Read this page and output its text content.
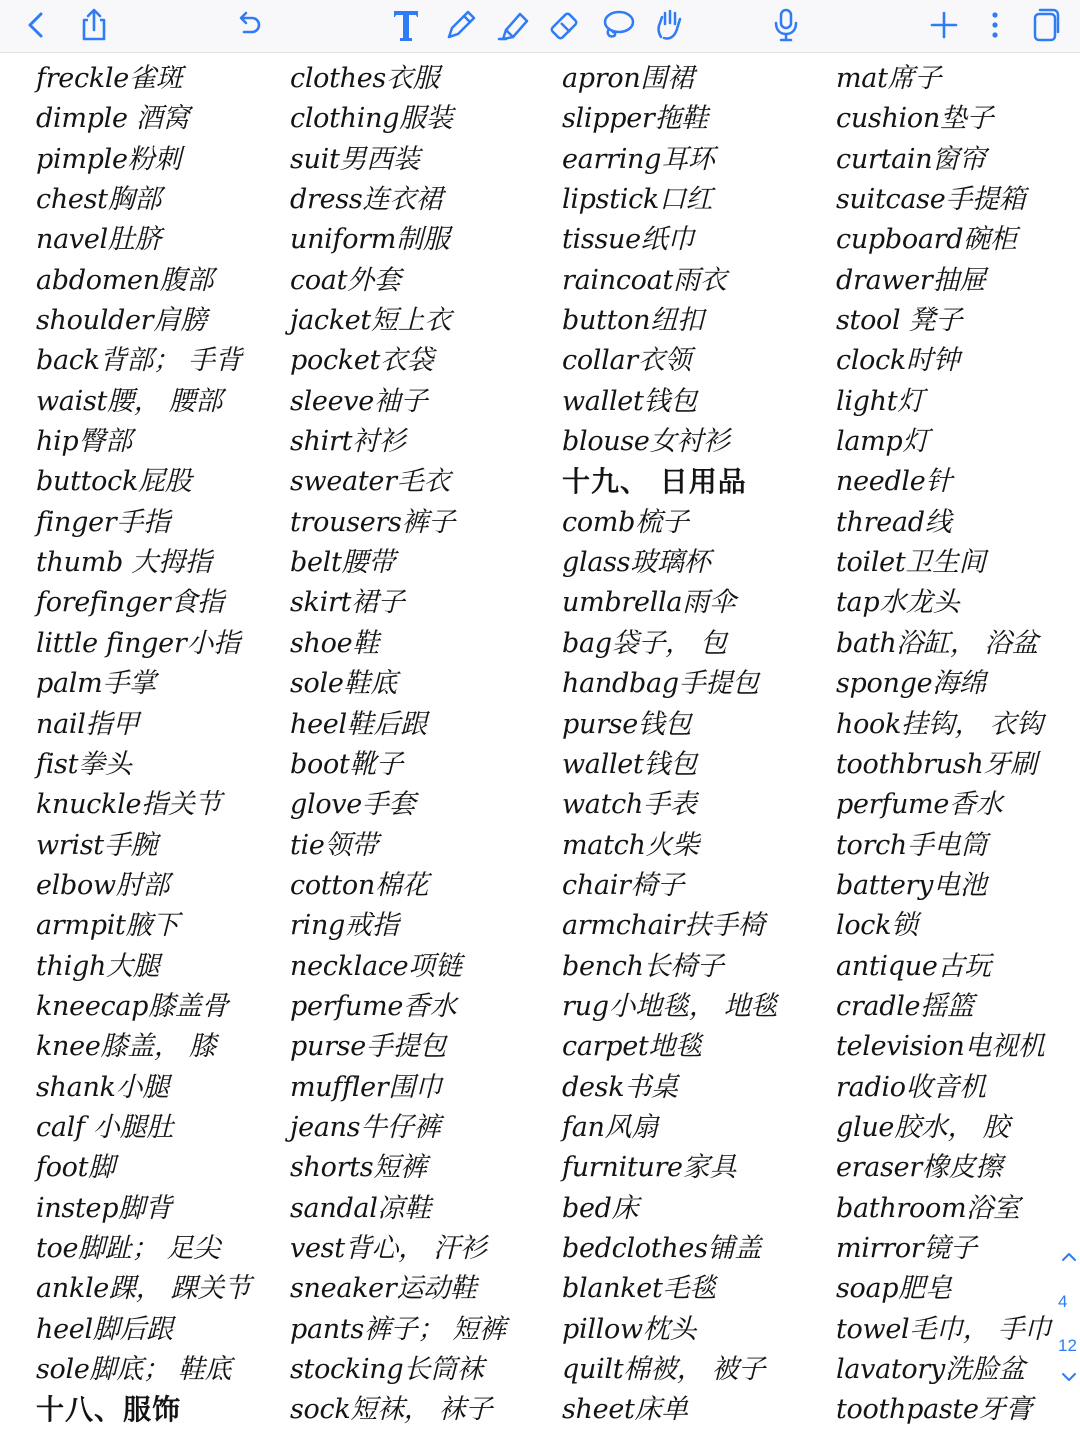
freckle雀斑
dimple 酒窝
pimple粉刺
chest胸部
navel肚脐
abdomen腹部
shoulder肩膀
back背部； 手背
waist腰， 腰部
hip臀部
buttock屁股
finger手指
thumb 大拇指
forefinger食指
little finger小指
palm手掌
nail指甲
fist拳头
knuckle指关节
wrist手腕
elbow肘部
armpit腋下
thigh大腿
kneecap膝盖骨
knee膝盖， 膝
shank小腿
calf 小腿肚
foot脚
instep脚背
toe脚趾； 足尖
ankle踝， 踝关节
heel脚后跟
sole脚底； 鞋底
十八、服饰
clothes衣服
clothing服装
suit男西装
dress连衣裙
uniform制服
coat外套
jacket短上衣
pocket衣袋
sleeve袖子
shirt衬衫
sweater毛衣
trousers裤子
belt腰带
skirt裙子
shoe鞋
sole鞋底
heel鞋后跟
boot靴子
glove手套
tie领带
cotton棉花
ring戒指
necklace项链
perfume香水
purse手提包
muffler围巾
jeans牛仔裤
shorts短裤
sandal凉鞋
vest背心， 汗衫
sneaker运动鞋
pants裤子； 短裤
stocking长筒袜
sock短袜， 袜子
apron围裙
slipper拖鞋
earring耳环
lipstick口红
tissue纸巾
raincoat雨衣
button纽扣
collar衣领
wallet钱包
blouse女衬衫
十九、 日用品
comb梳子
glass玻璃杯
umbrella雨伞
bag袋子， 包
handbag手提包
purse钱包
wallet钱包
watch手表
match火柴
chair椅子
armchair扶手椅
bench长椅子
rug小地毯， 地毯
carpet地毯
desk书桌
fan风扇
furniture家具
bed床
bedclothes铺盖
blanket毛毯
pillow枕头
quilt棉被， 被子
sheet床单
mat席子
cushion垫子
curtain窗帘
suitcase手提箱
cupboard碗柜
drawer抽屉
stool 凳子
clock时钟
light灯
lamp灯
needle针
thread线
toilet卫生间
tap水龙头
bath浴缸， 浴盆
sponge海绵
hook挂钩， 衣钩
toothbrush牙刷
perfume香水
torch手电筒
battery电池
lock锁
antique古玩
cradle摇篮
television电视机
radio收音机
glue胶水， 胶
eraser橡皮擦
bathroom浴室
mirror镜子
soap肥皂
towel毛巾， 手巾
lavatory洗脸盆
toothpaste牙膏
4
12
